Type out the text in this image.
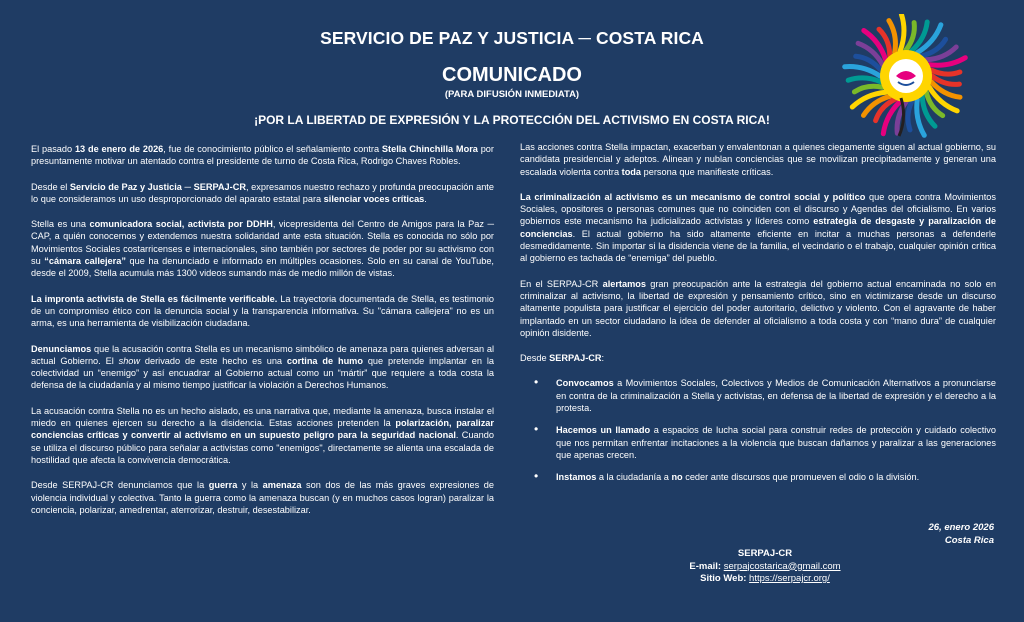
SERVICIO DE PAZ Y JUSTICIA ─ COSTA RICA
COMUNICADO
(PARA DIFUSIÓN INMEDIATA)
¡POR LA LIBERTAD DE EXPRESIÓN Y LA PROTECCIÓN DEL ACTIVISMO EN COSTA RICA!

El pasado 13 de enero de 2026, fue de conocimiento público el señalamiento contra Stella Chinchilla Mora por presuntamente motivar un atentado contra el presidente de turno de Costa Rica, Rodrigo Chaves Robles.

Desde el Servicio de Paz y Justicia ─ SERPAJ-CR, expresamos nuestro rechazo y profunda preocupación ante lo que consideramos un uso desproporcionado del aparato estatal para silenciar voces críticas.

Stella es una comunicadora social, activista por DDHH, vicepresidenta del Centro de Amigos para la Paz ─ CAP, a quién conocemos y extendemos nuestra solidaridad ante esta situación. Stella es conocida no sólo por Movimientos Sociales costarricenses e internacionales, sino también por sectores de poder por su activismo con su “cámara callejera” que ha denunciado e informado en múltiples ocasiones. Solo en su canal de YouTube, desde el 2009, Stella acumula más 1300 videos sumando más de medio millón de vistas.

La impronta activista de Stella es fácilmente verificable. La trayectoria documentada de Stella, es testimonio de un compromiso ético con la denuncia social y la transparencia informativa. Su "cámara callejera" no es un arma, es una herramienta de visibilización ciudadana.

Denunciamos que la acusación contra Stella es un mecanismo simbólico de amenaza para quienes adversan al actual Gobierno. El show derivado de este hecho es una cortina de humo que pretende implantar en la colectividad un “enemigo” y así encuadrar al Gobierno actual como un “mártir” que requiere a toda costa la defensa de la ciudadanía y al mismo tiempo justificar la violación a Derechos Humanos.

La acusación contra Stella no es un hecho aislado, es una narrativa que, mediante la amenaza, busca instalar el miedo en quienes ejercen su derecho a la disidencia. Estas acciones pretenden la polarización, paralizar conciencias críticas y convertir al activismo en un supuesto peligro para la seguridad nacional. Cuando se utiliza el discurso público para señalar a activistas como "enemigos", directamente se alienta una escalada de hostilidad que afecta la convivencia democrática.

Desde SERPAJ-CR denunciamos que la guerra y la amenaza son dos de las más graves expresiones de violencia individual y colectiva. Tanto la guerra como la amenaza buscan (y en muchos casos logran) paralizar la conciencia, polarizar, amedrentar, aterrorizar, destruir, desestabilizar.

Las acciones contra Stella impactan, exacerban y envalentonan a quienes ciegamente siguen al actual gobierno, su candidata presidencial y adeptos. Alinean y nublan conciencias que se movilizan precipitadamente y generan una escalada violenta contra toda persona que manifieste críticas.

La criminalización al activismo es un mecanismo de control social y político que opera contra Movimientos Sociales, opositores o personas comunes que no coinciden con el discurso y Agendas del oficialismo. En varios gobiernos este mecanismo ha judicializado activistas y líderes como estrategia de desgaste y paralización de conciencias. El actual gobierno ha sido altamente eficiente en incitar a muchas personas a defenderle desmedidamente. Sin importar si la disidencia viene de la familia, el vecindario o el trabajo, cualquier opinión crítica al gobierno es tachada de “enemiga” del pueblo.

En el SERPAJ-CR alertamos gran preocupación ante la estrategia del gobierno actual encaminada no solo en criminalizar al activismo, la libertad de expresión y pensamiento crítico, sino en victimizarse desde un discurso altamente populista para justificar el ejercicio del poder autoritario, delictivo y violento. Con el agravante de haber implantado en un sector ciudadano la idea de defender al oficialismo a toda costa y con “mano dura” de cualquier opinión disidente.

Desde SERPAJ-CR:

• Convocamos a Movimientos Sociales, Colectivos y Medios de Comunicación Alternativos a pronunciarse en contra de la criminalización a Stella y activistas, en defensa de la libertad de expresión y el derecho a la protesta.
• Hacemos un llamado a espacios de lucha social para construir redes de protección y cuidado colectivo que nos permitan enfrentar incitaciones a la violencia que buscan dañarnos y paralizar a las generaciones que apenas crecen.
• Instamos a la ciudadanía a no ceder ante discursos que promueven el odio o la división.
26, enero 2026
Costa Rica
SERPAJ-CR
E-mail: serpajcostarica@gmail.com
Sitio Web: https://serpajcr.org/
